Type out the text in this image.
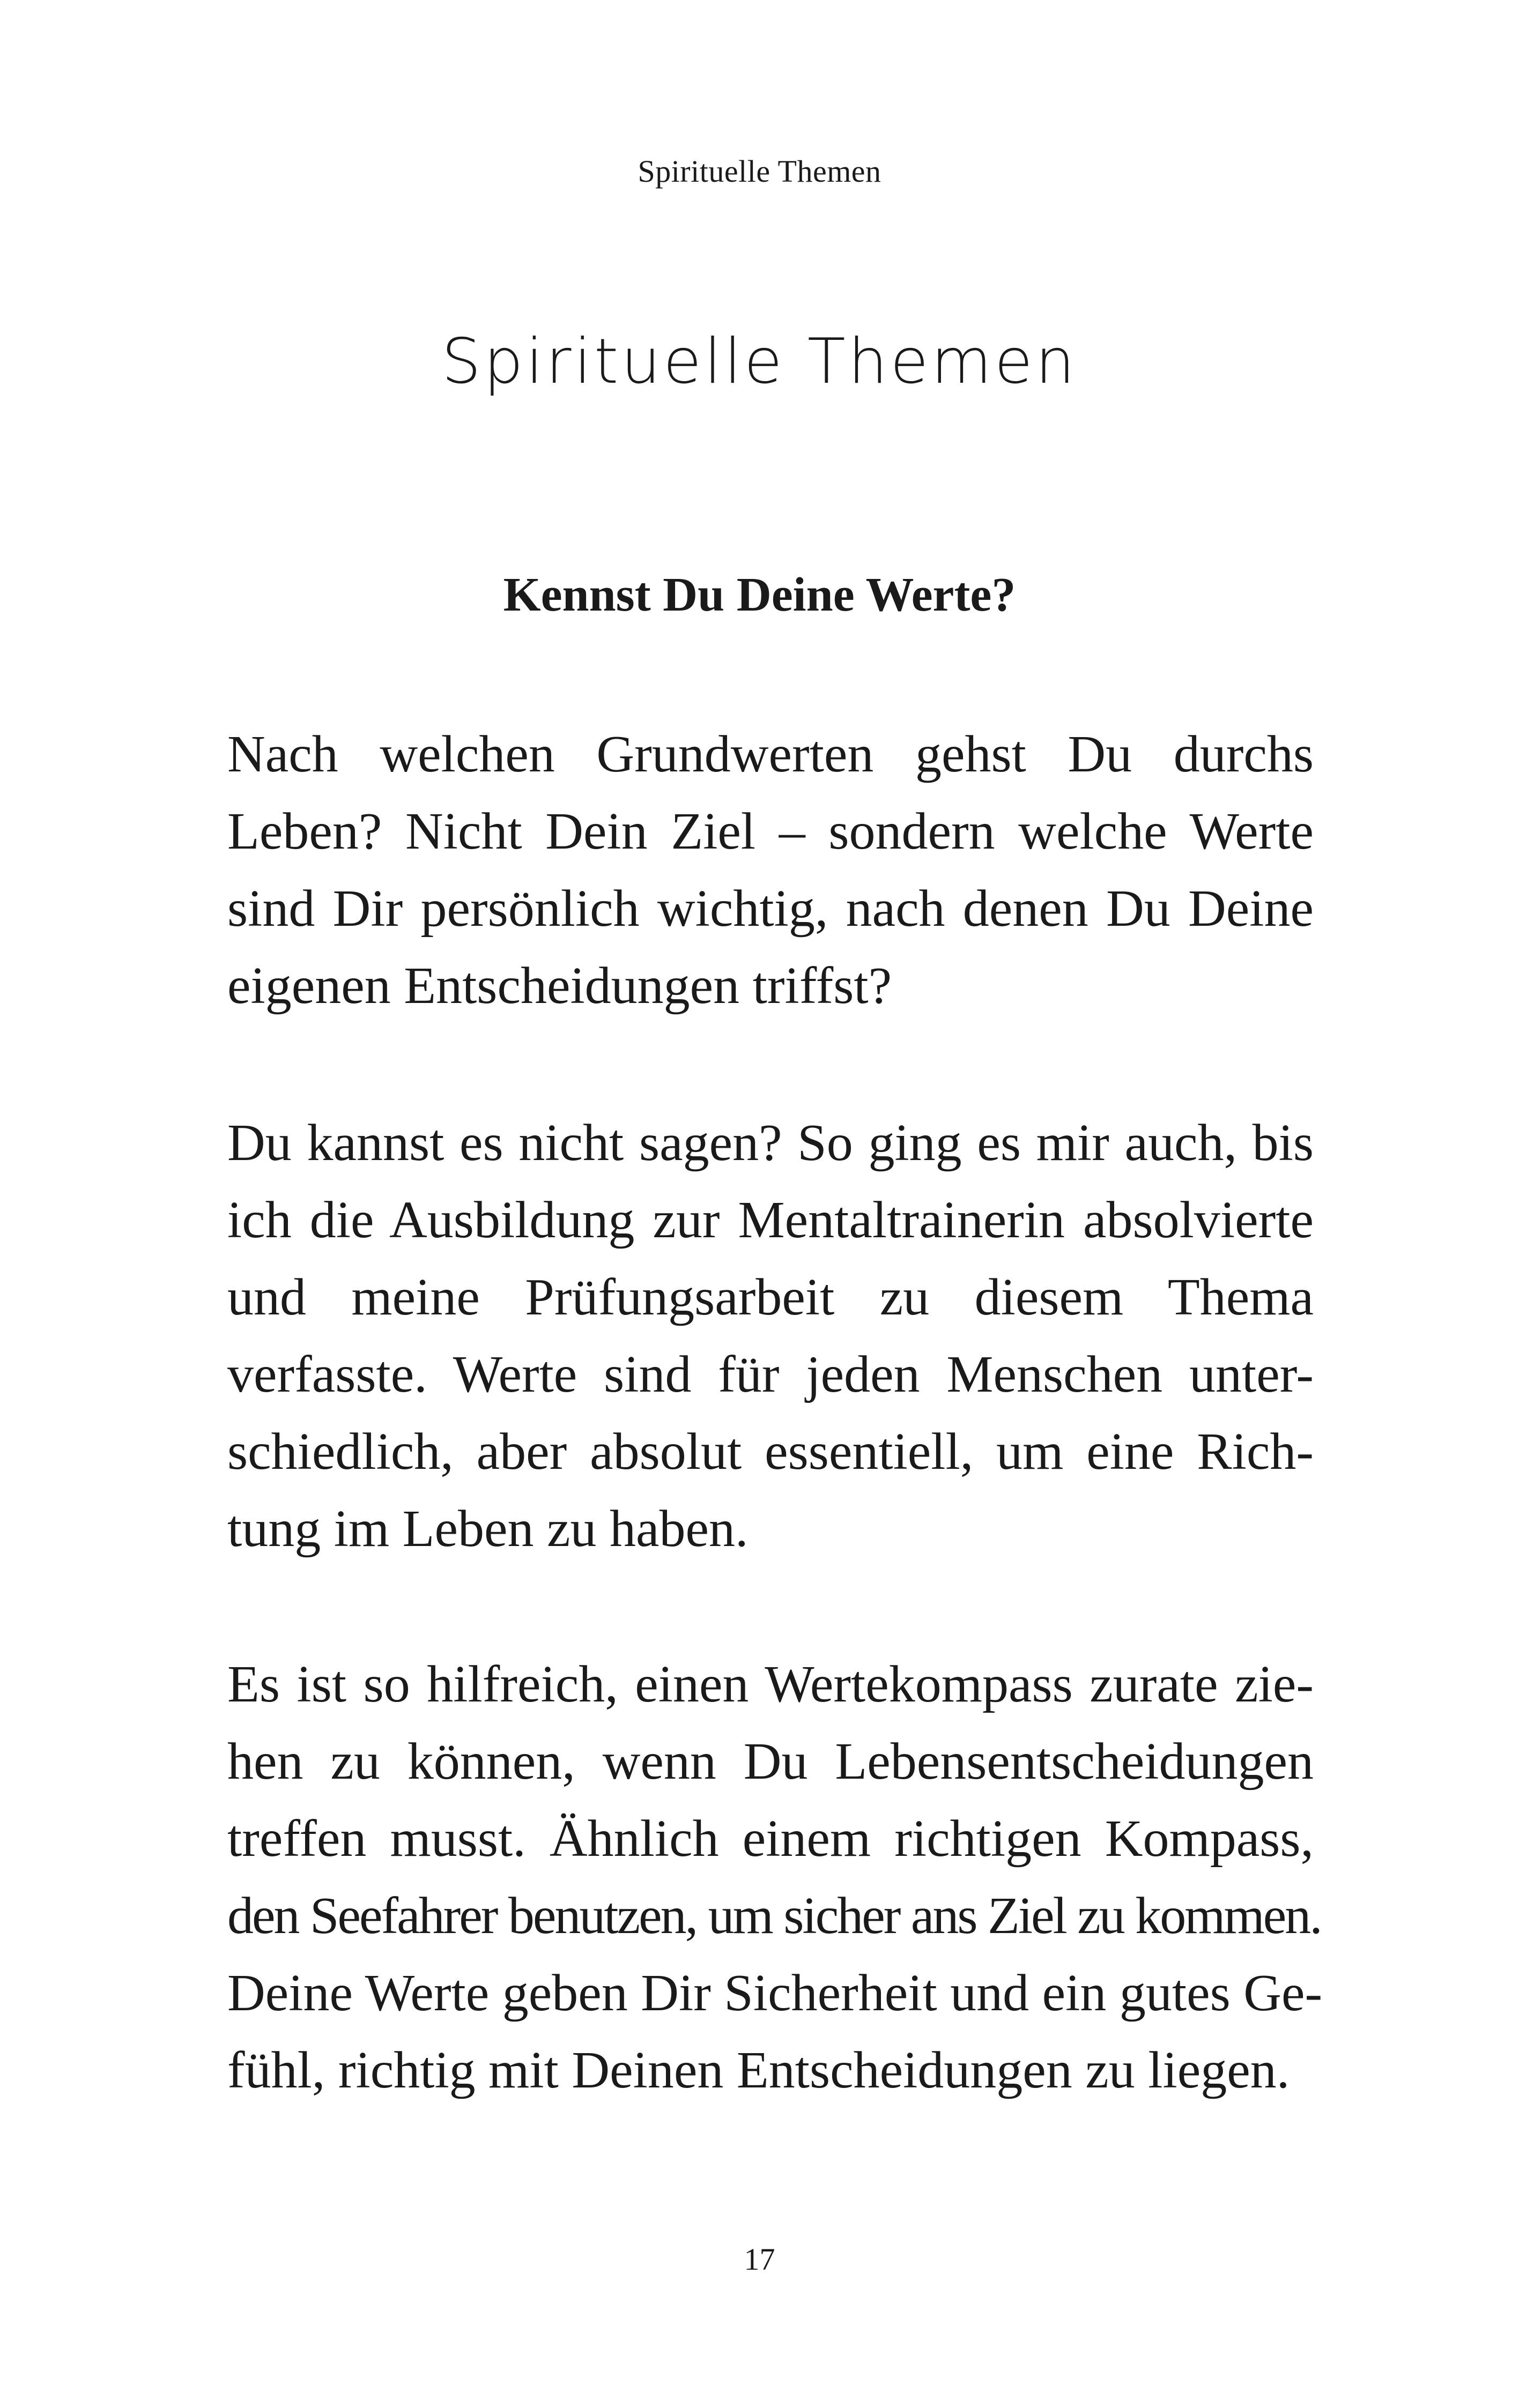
Spirituelle Themen
Spirituelle Themen
Kennst Du Deine Werte?
Nach welchen Grundwerten gehst Du durchs
Leben? Nicht Dein Ziel – sondern welche Werte
sind Dir persönlich wichtig, nach denen Du Deine
eigenen Entscheidungen triffst?
Du kannst es nicht sagen? So ging es mir auch, bis
ich die Ausbildung zur Mentaltrainerin absolvierte
und meine Prüfungsarbeit zu diesem Thema
verfasste. Werte sind für jeden Menschen unter-
schiedlich, aber absolut essentiell, um eine Rich-
tung im Leben zu haben.
Es ist so hilfreich, einen Wertekompass zurate zie-
hen zu können, wenn Du Lebensentscheidungen
treffen musst. Ähnlich einem richtigen Kompass,
den Seefahrer benutzen, um sicher ans Ziel zu kommen.
Deine Werte geben Dir Sicherheit und ein gutes Ge-
fühl, richtig mit Deinen Entscheidungen zu liegen.
17
